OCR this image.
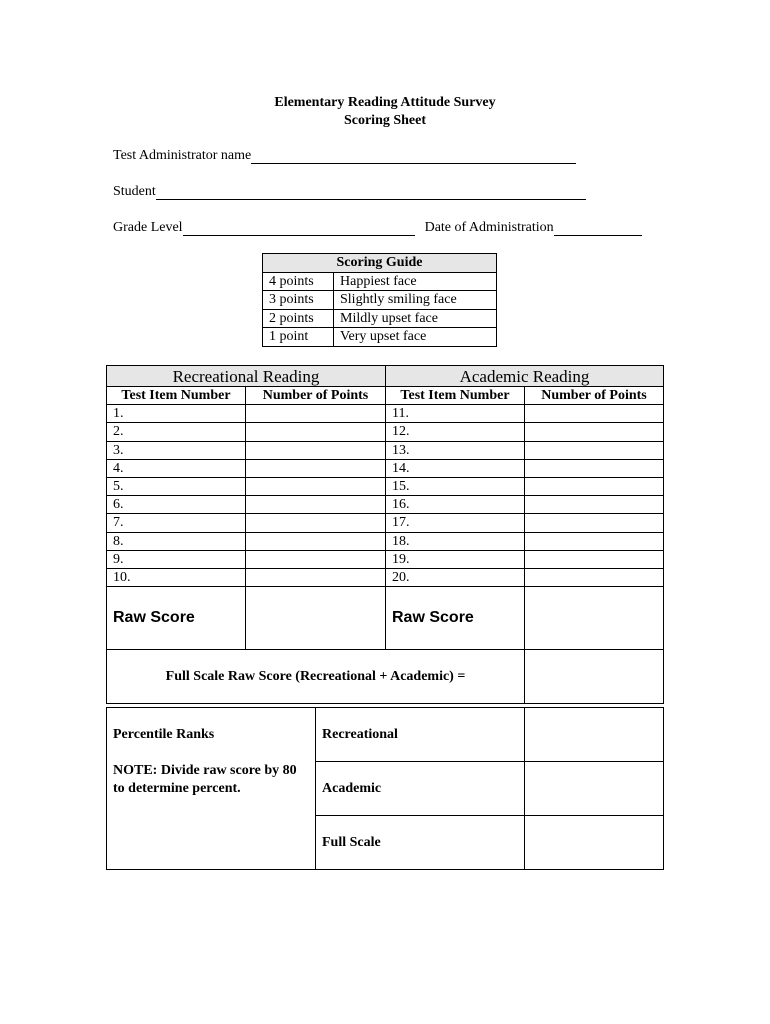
Elementary Reading Attitude Survey
Scoring Sheet
Test Administrator name
Student
Grade Level	Date of Administration
Scoring Guide	
4 points	Happiest face
3 points	Slightly smiling face
2 points	Mildly upset face
1 point	Very upset face
Recreational Reading		Academic Reading	
Test Item Number	Number of Points	Test Item Number	Number of Points
1.		11.	
2.		12.	
3.		13.	
4.		14.	
5.		15.	
6.		16.	
7.		17.	
8.		18.	
9.		19.	
10.		20.	
Raw Score		Raw Score	
Full Scale Raw Score (Recreational + Academic) =			
Percentile Ranks
NOTE: Divide raw score by 80 to determine percent.	Recreational	
	Academic	
	Full Scale	
